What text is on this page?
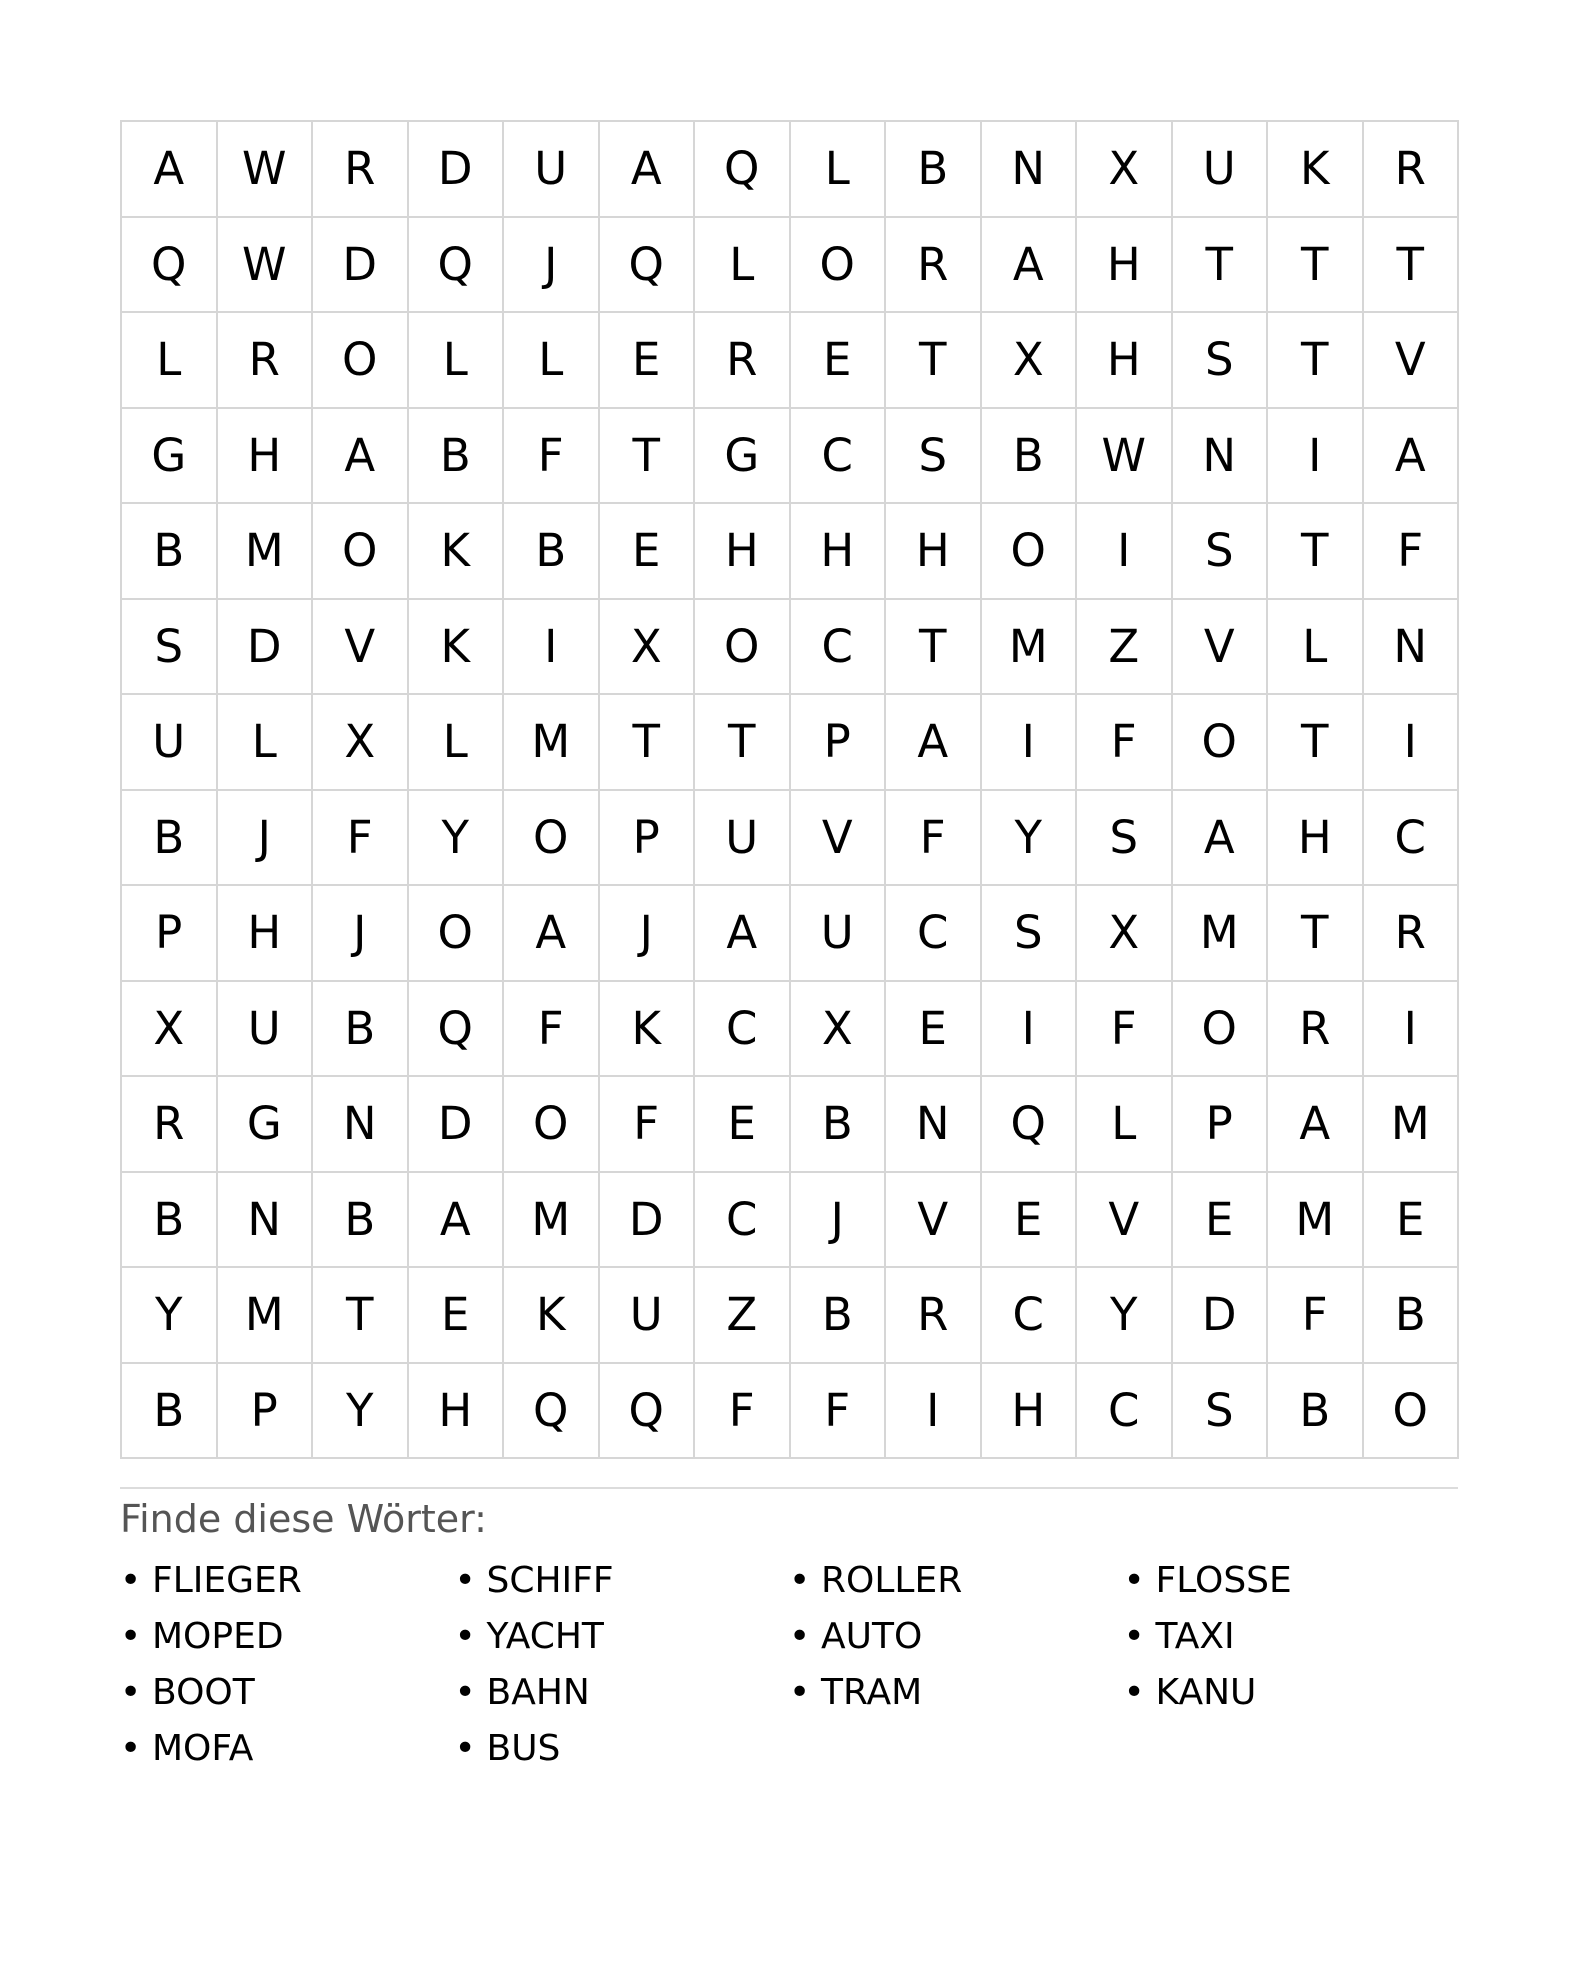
A	W	R	D	U	A	Q	L	B	N	X	U	K	R
Q	W	D	Q	J	Q	L	O	R	A	H	T	T	T
L	R	O	L	L	E	R	E	T	X	H	S	T	V
G	H	A	B	F	T	G	C	S	B	W	N	I	A
B	M	O	K	B	E	H	H	H	O	I	S	T	F
S	D	V	K	I	X	O	C	T	M	Z	V	L	N
U	L	X	L	M	T	T	P	A	I	F	O	T	I
B	J	F	Y	O	P	U	V	F	Y	S	A	H	C
P	H	J	O	A	J	A	U	C	S	X	M	T	R
X	U	B	Q	F	K	C	X	E	I	F	O	R	I
R	G	N	D	O	F	E	B	N	Q	L	P	A	M
B	N	B	A	M	D	C	J	V	E	V	E	M	E
Y	M	T	E	K	U	Z	B	R	C	Y	D	F	B
B	P	Y	H	Q	Q	F	F	I	H	C	S	B	O
Finde diese Wörter:
• FLIEGER	• SCHIFF	• ROLLER	• FLOSSE
• MOPED	• YACHT	• AUTO	• TAXI
• BOOT	• BAHN	• TRAM	• KANU
• MOFA	• BUS
